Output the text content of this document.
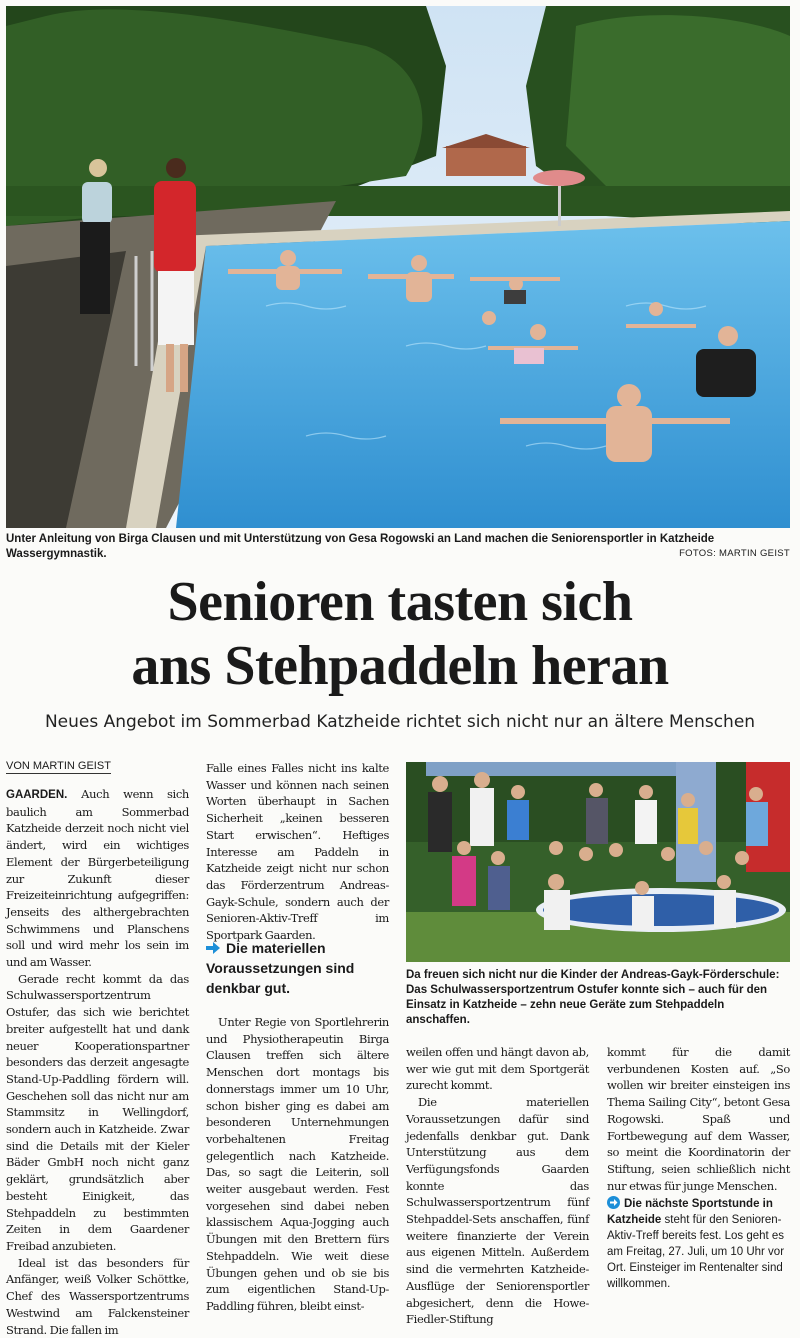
Unter Anleitung von Birga Clausen und mit Unterstützung von Gesa Rogowski an Land machen die Seniorensportler in Katzheide Wassergymnastik.	FOTOS: MARTIN GEIST
Senioren tasten sich
ans Stehpaddeln heran
Neues Angebot im Sommerbad Katzheide richtet sich nicht nur an ältere Menschen
VON MARTIN GEIST

GAARDEN. Auch wenn sich baulich am Sommerbad Katzheide derzeit noch nicht viel ändert, wird ein wichtiges Element der Bürgerbeteiligung zur Zukunft dieser Freizeiteinrichtung aufgegriffen: Jenseits des althergebrachten Schwimmens und Planschens soll und wird mehr los sein im und am Wasser.

Gerade recht kommt da das Schulwassersportzentrum Ostufer, das sich wie berichtet breiter aufgestellt hat und dank neuer Kooperationspartner besonders das derzeit angesagte Stand-Up-Paddling fördern will. Geschehen soll das nicht nur am Stammsitz in Wellingdorf, sondern auch in Katzheide. Zwar sind die Details mit der Kieler Bäder GmbH noch nicht ganz geklärt, grundsätzlich aber besteht Einigkeit, das Stehpaddeln zu bestimmten Zeiten in dem Gaardener Freibad anzubieten.

Ideal ist das besonders für Anfänger, weiß Volker Schöttke, Chef des Wassersportzentrums Westwind am Falckensteiner Strand. Die fallen im

Falle eines Falles nicht ins kalte Wasser und können nach seinen Worten überhaupt in Sachen Sicherheit „keinen besseren Start erwischen“. Heftiges Interesse am Paddeln in Katzheide zeigt nicht nur schon das Förderzentrum Andreas-Gayk-Schule, sondern auch der Senioren-Aktiv-Treff im Sportpark Gaarden.

Die materiellen Voraussetzungen sind denkbar gut.

Unter Regie von Sportlehrerin und Physiotherapeutin Birga Clausen treffen sich ältere Menschen dort montags bis donnerstags immer um 10 Uhr, schon bisher ging es dabei am besonderen Unternehmungen vorbehaltenen Freitag gelegentlich nach Katzheide. Das, so sagt die Leiterin, soll weiter ausgebaut werden. Fest vorgesehen sind dabei neben klassischem Aqua-Jogging auch Übungen mit den Brettern fürs Stehpaddeln. Wie weit diese Übungen gehen und ob sie bis zum eigentlichen Stand-Up-Paddling führen, bleibt einst-

Da freuen sich nicht nur die Kinder der Andreas-Gayk-Förderschule: Das Schulwassersportzentrum Ostufer konnte sich – auch für den Einsatz in Katzheide – zehn neue Geräte zum Stehpaddeln anschaffen.

weilen offen und hängt davon ab, wer wie gut mit dem Sportgerät zurecht kommt.

Die materiellen Voraussetzungen dafür sind jedenfalls denkbar gut. Dank Unterstützung aus dem Verfügungsfonds Gaarden konnte das Schulwassersportzentrum fünf Stehpaddel-Sets anschaffen, fünf weitere finanzierte der Verein aus eigenen Mitteln. Außerdem sind die vermehrten Katzheide-Ausflüge der Seniorensportler abgesichert, denn die Howe-Fiedler-Stiftung

kommt für die damit verbundenen Kosten auf. „So wollen wir breiter einsteigen ins Thema Sailing City“, betont Gesa Rogowski. Spaß und Fortbewegung auf dem Wasser, so meint die Koordinatorin der Stiftung, seien schließlich nicht nur etwas für junge Menschen.

Die nächste Sportstunde in Katzheide steht für den Senioren-Aktiv-Treff bereits fest. Los geht es am Freitag, 27. Juli, um 10 Uhr vor Ort. Einsteiger im Rentenalter sind willkommen.
